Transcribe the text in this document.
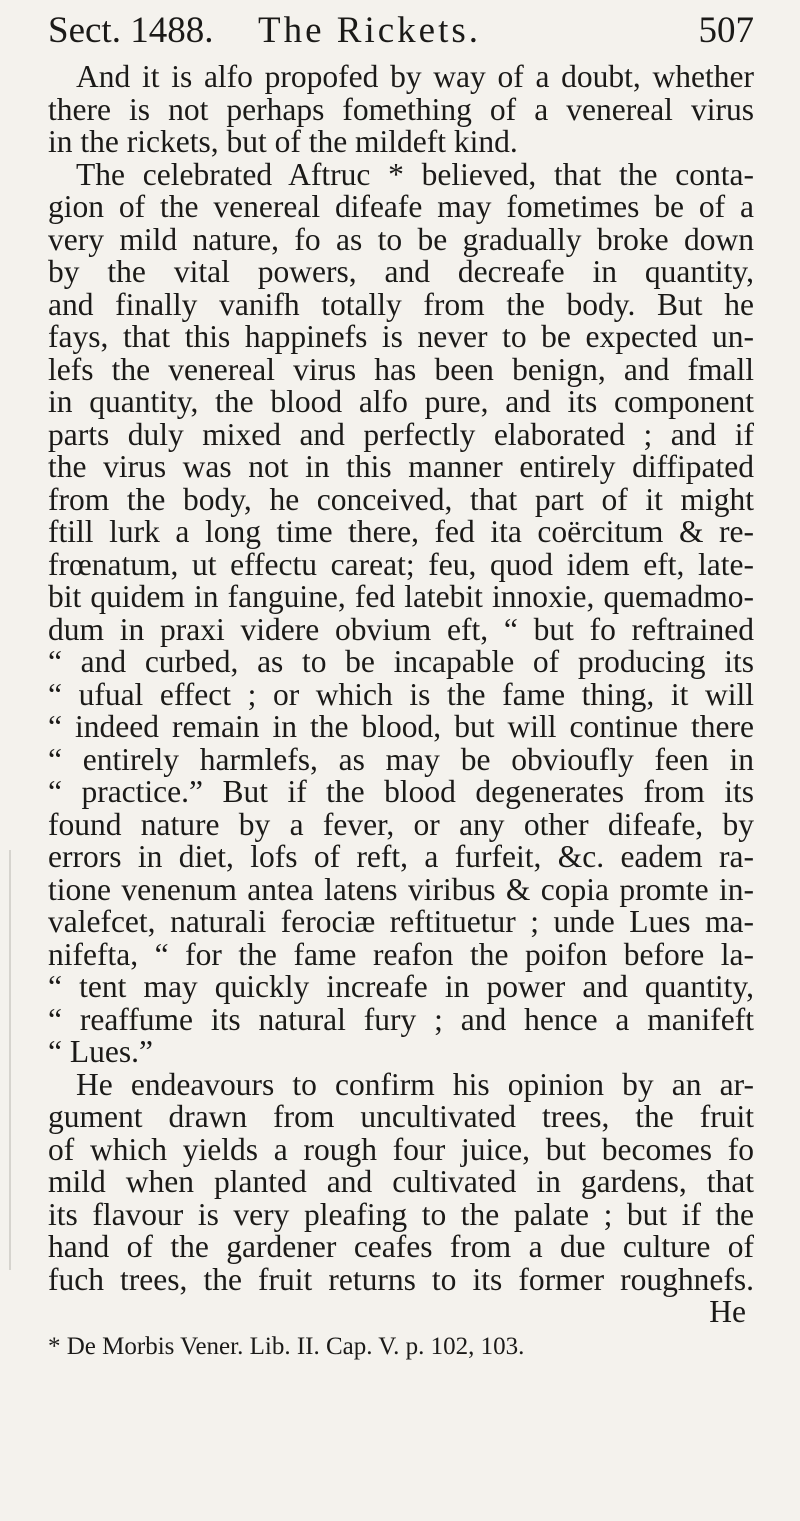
Sect. 1488. The Rickets.	507
And it is alfo propofed by way of a doubt, whether
there is not perhaps fomething of a venereal virus
in the rickets, but of the mildeft kind.
The celebrated Aftruc * believed, that the conta-
gion of the venereal difeafe may fometimes be of a
very mild nature, fo as to be gradually broke down
by the vital powers, and decreafe in quantity,
and finally vanifh totally from the body. But he
fays, that this happinefs is never to be expected un-
lefs the venereal virus has been benign, and fmall
in quantity, the blood alfo pure, and its component
parts duly mixed and perfectly elaborated ; and if
the virus was not in this manner entirely diffipated
from the body, he conceived, that part of it might
ftill lurk a long time there, fed ita coërcitum & re-
frœnatum, ut effectu careat; feu, quod idem eft, late-
bit quidem in fanguine, fed latebit innoxie, quemadmo-
dum in praxi videre obvium eft, “ but fo reftrained
“ and curbed, as to be incapable of producing its
“ ufual effect ; or which is the fame thing, it will
“ indeed remain in the blood, but will continue there
“ entirely harmlefs, as may be obvioufly feen in
“ practice.” But if the blood degenerates from its
found nature by a fever, or any other difeafe, by
errors in diet, lofs of reft, a furfeit, &c. eadem ra-
tione venenum antea latens viribus & copia promte in-
valefcet, naturali ferociæ reftituetur ; unde Lues ma-
nifefta, “ for the fame reafon the poifon before la-
“ tent may quickly increafe in power and quantity,
“ reaffume its natural fury ; and hence a manifeft
“ Lues.”
He endeavours to confirm his opinion by an ar-
gument drawn from uncultivated trees, the fruit
of which yields a rough four juice, but becomes fo
mild when planted and cultivated in gardens, that
its flavour is very pleafing to the palate ; but if the
hand of the gardener ceafes from a due culture of
fuch trees, the fruit returns to its former roughnefs.
He
* De Morbis Vener. Lib. II. Cap. V. p. 102, 103.
